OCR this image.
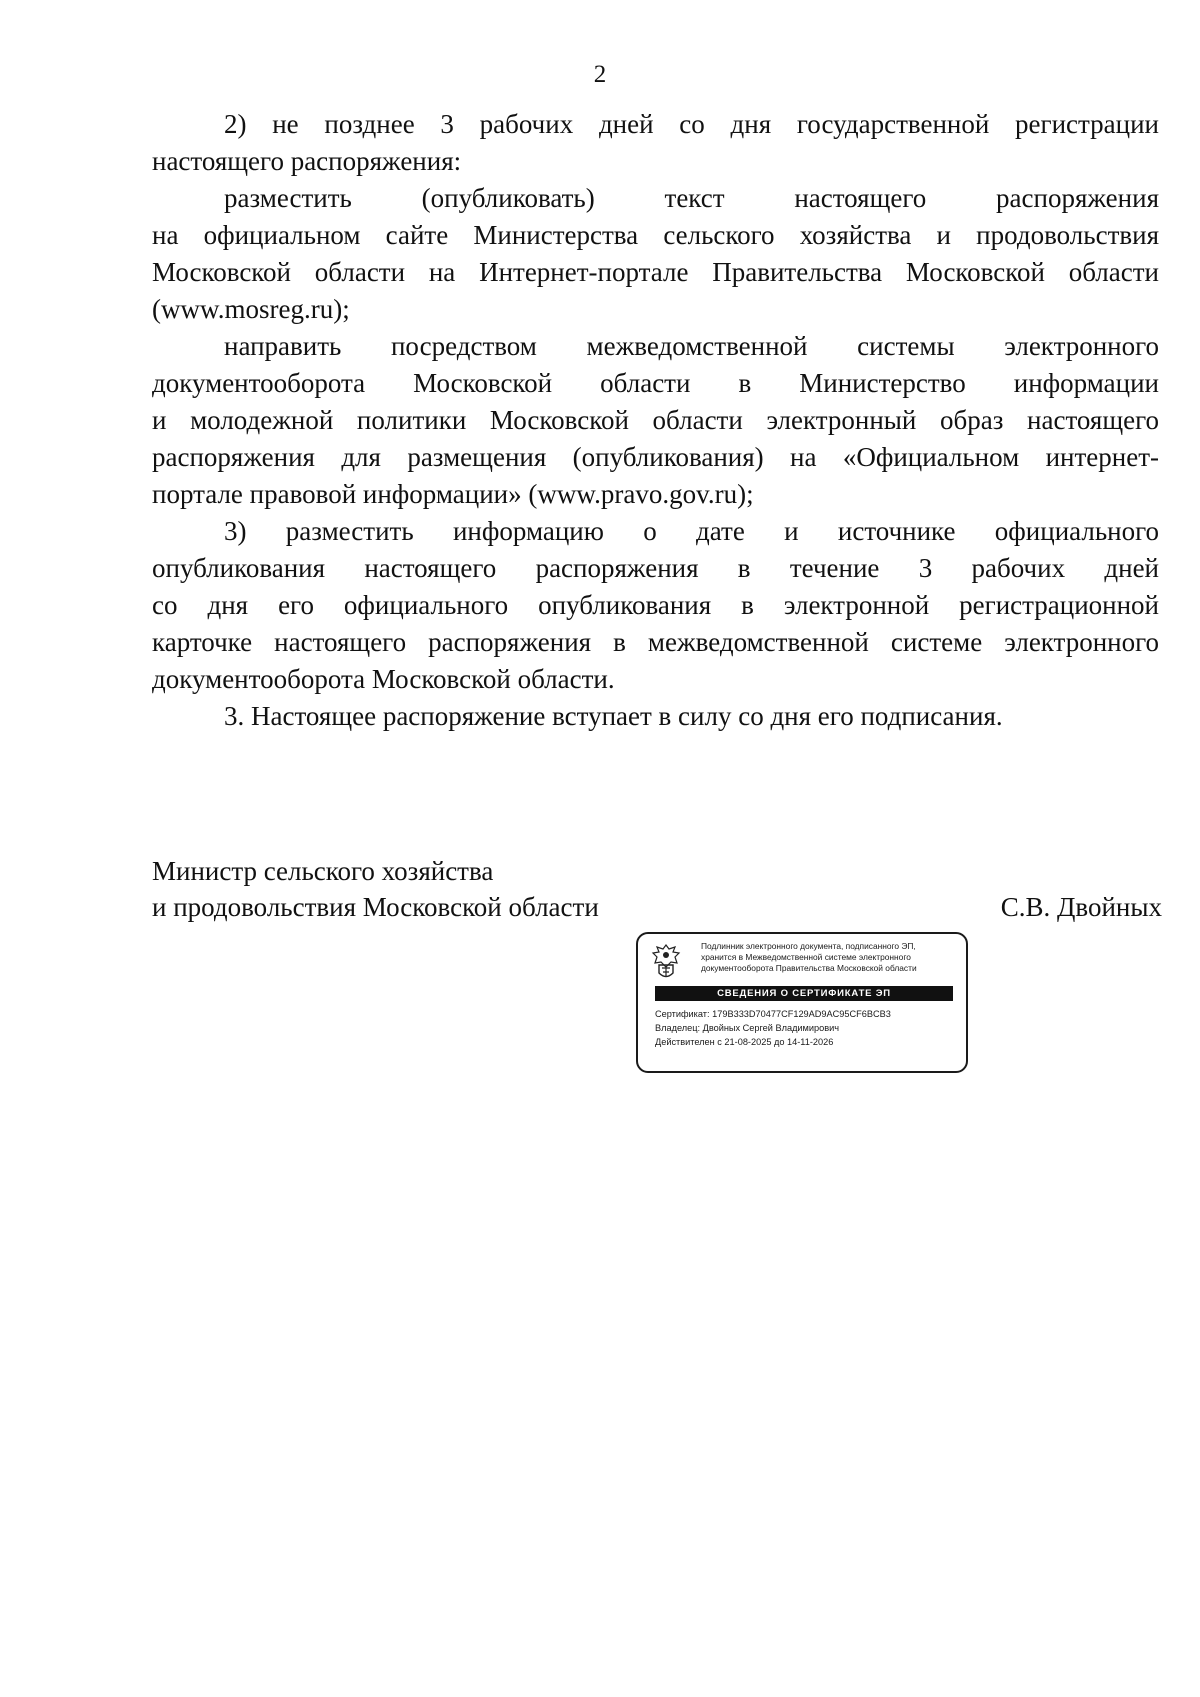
2
2) не позднее 3 рабочих дней со дня государственной регистрации
настоящего распоряжения:
разместить (опубликовать) текст настоящего распоряжения
на официальном сайте Министерства сельского хозяйства и продовольствия
Московской области на Интернет-портале Правительства Московской области
(www.mosreg.ru);
направить посредством межведомственной системы электронного
документооборота Московской области в Министерство информации
и молодежной политики Московской области электронный образ настоящего
распоряжения для размещения (опубликования) на «Официальном интернет-
портале правовой информации» (www.pravo.gov.ru);
3) разместить информацию о дате и источнике официального
опубликования настоящего распоряжения в течение 3 рабочих дней
со дня его официального опубликования в электронной регистрационной
карточке настоящего распоряжения в межведомственной системе электронного
документооборота Московской области.
3. Настоящее распоряжение вступает в силу со дня его подписания.
Министр сельского хозяйства
и продовольствия Московской области	С.В. Двойных
Подлинник электронного документа, подписанного ЭП,
хранится в Межведомственной системе электронного
документооборота Правительства Московской области
СВЕДЕНИЯ О СЕРТИФИКАТЕ ЭП
Сертификат: 179B333D70477CF129AD9AC95CF6BCB3
Владелец: Двойных Сергей Владимирович
Действителен с 21-08-2025 до 14-11-2026
